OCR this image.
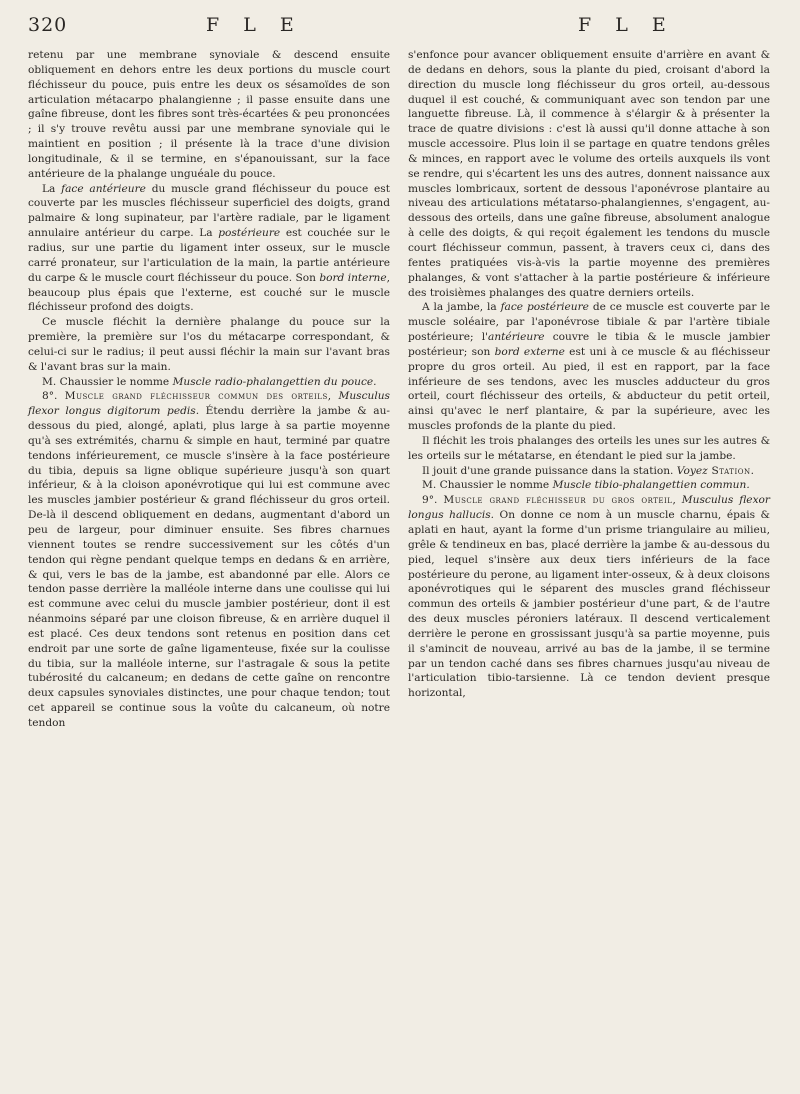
320	F L E	F L E

retenu par une membrane synoviale & descend ensuite obliquement en dehors entre les deux portions du muscle court fléchisseur du pouce, puis entre les deux os sésamoïdes de son articulation métacarpo phalangienne ; il passe ensuite dans une gaîne fibreuse, dont les fibres sont très-écartées & peu prononcées ; il s'y trouve revêtu aussi par une membrane synoviale qui le maintient en position ; il présente là la trace d'une division longitudinale, & il se termine, en s'épanouissant, sur la face antérieure de la phalange unguéale du pouce.

La face antérieure du muscle grand fléchisseur du pouce est couverte par les muscles fléchisseur superficiel des doigts, grand palmaire & long supinateur, par l'artère radiale, par le ligament annulaire antérieur du carpe. La postérieure est couchée sur le radius, sur une partie du ligament inter osseux, sur le muscle carré pronateur, sur l'articulation de la main, la partie antérieure du carpe & le muscle court fléchisseur du pouce. Son bord interne, beaucoup plus épais que l'externe, est couché sur le muscle fléchisseur profond des doigts.

Ce muscle fléchit la dernière phalange du pouce sur la première, la première sur l'os du métacarpe correspondant, & celui-ci sur le radius; il peut aussi fléchir la main sur l'avant bras & l'avant bras sur la main.

M. Chaussier le nomme Muscle radio-phalangettien du pouce.

8°. Muscle grand fléchisseur commun des orteils, Musculus flexor longus digitorum pedis. Étendu derrière la jambe & au-dessous du pied, alongé, aplati, plus large à sa partie moyenne qu'à ses extrémités, charnu & simple en haut, terminé par quatre tendons inférieurement, ce muscle s'insère à la face postérieure du tibia, depuis sa ligne oblique supérieure jusqu'à son quart inférieur, & à la cloison aponévrotique qui lui est commune avec les muscles jambier postérieur & grand fléchisseur du gros orteil. De-là il descend obliquement en dedans, augmentant d'abord un peu de largeur, pour diminuer ensuite. Ses fibres charnues viennent toutes se rendre successivement sur les côtés d'un tendon qui règne pendant quelque temps en dedans & en arrière, & qui, vers le bas de la jambe, est abandonné par elle. Alors ce tendon passe derrière la malléole interne dans une coulisse qui lui est commune avec celui du muscle jambier postérieur, dont il est néanmoins séparé par une cloison fibreuse, & en arrière duquel il est placé. Ces deux tendons sont retenus en position dans cet endroit par une sorte de gaîne ligamenteuse, fixée sur la coulisse du tibia, sur la malléole interne, sur l'astragale & sous la petite tubérosité du calcaneum; en dedans de cette gaîne on rencontre deux capsules synoviales distinctes, une pour chaque tendon; tout cet appareil se continue sous la voûte du calcaneum, où notre tendon

s'enfonce pour avancer obliquement ensuite d'arrière en avant & de dedans en dehors, sous la plante du pied, croisant d'abord la direction du muscle long fléchisseur du gros orteil, au-dessous duquel il est couché, & communiquant avec son tendon par une languette fibreuse. Là, il commence à s'élargir & à présenter la trace de quatre divisions : c'est là aussi qu'il donne attache à son muscle accessoire. Plus loin il se partage en quatre tendons grêles & minces, en rapport avec le volume des orteils auxquels ils vont se rendre, qui s'écartent les uns des autres, donnent naissance aux muscles lombricaux, sortent de dessous l'aponévrose plantaire au niveau des articulations métatarso-phalangiennes, s'engagent, au-dessous des orteils, dans une gaîne fibreuse, absolument analogue à celle des doigts, & qui reçoit également les tendons du muscle court fléchisseur commun, passent, à travers ceux ci, dans des fentes pratiquées vis-à-vis la partie moyenne des premières phalanges, & vont s'attacher à la partie postérieure & inférieure des troisièmes phalanges des quatre derniers orteils.

A la jambe, la face postérieure de ce muscle est couverte par le muscle soléaire, par l'aponévrose tibiale & par l'artère tibiale postérieure; l'antérieure couvre le tibia & le muscle jambier postérieur; son bord externe est uni à ce muscle & au fléchisseur propre du gros orteil. Au pied, il est en rapport, par la face inférieure de ses tendons, avec les muscles adducteur du gros orteil, court fléchisseur des orteils, & abducteur du petit orteil, ainsi qu'avec le nerf plantaire, & par la supérieure, avec les muscles profonds de la plante du pied.

Il fléchit les trois phalanges des orteils les unes sur les autres & les orteils sur le métatarse, en étendant le pied sur la jambe.

Il jouit d'une grande puissance dans la station. Voyez Station.

M. Chaussier le nomme Muscle tibio-phalangettien commun.

9°. Muscle grand fléchisseur du gros orteil, Musculus flexor longus hallucis. On donne ce nom à un muscle charnu, épais & aplati en haut, ayant la forme d'un prisme triangulaire au milieu, grêle & tendineux en bas, placé derrière la jambe & au-dessous du pied, lequel s'insère aux deux tiers inférieurs de la face postérieure du perone, au ligament inter-osseux, & à deux cloisons aponévrotiques qui le séparent des muscles grand fléchisseur commun des orteils & jambier postérieur d'une part, & de l'autre des deux muscles péroniers latéraux. Il descend verticalement derrière le perone en grossissant jusqu'à sa partie moyenne, puis il s'amincit de nouveau, arrivé au bas de la jambe, il se termine par un tendon caché dans ses fibres charnues jusqu'au niveau de l'articulation tibio-tarsienne. Là ce tendon devient presque horizontal,
